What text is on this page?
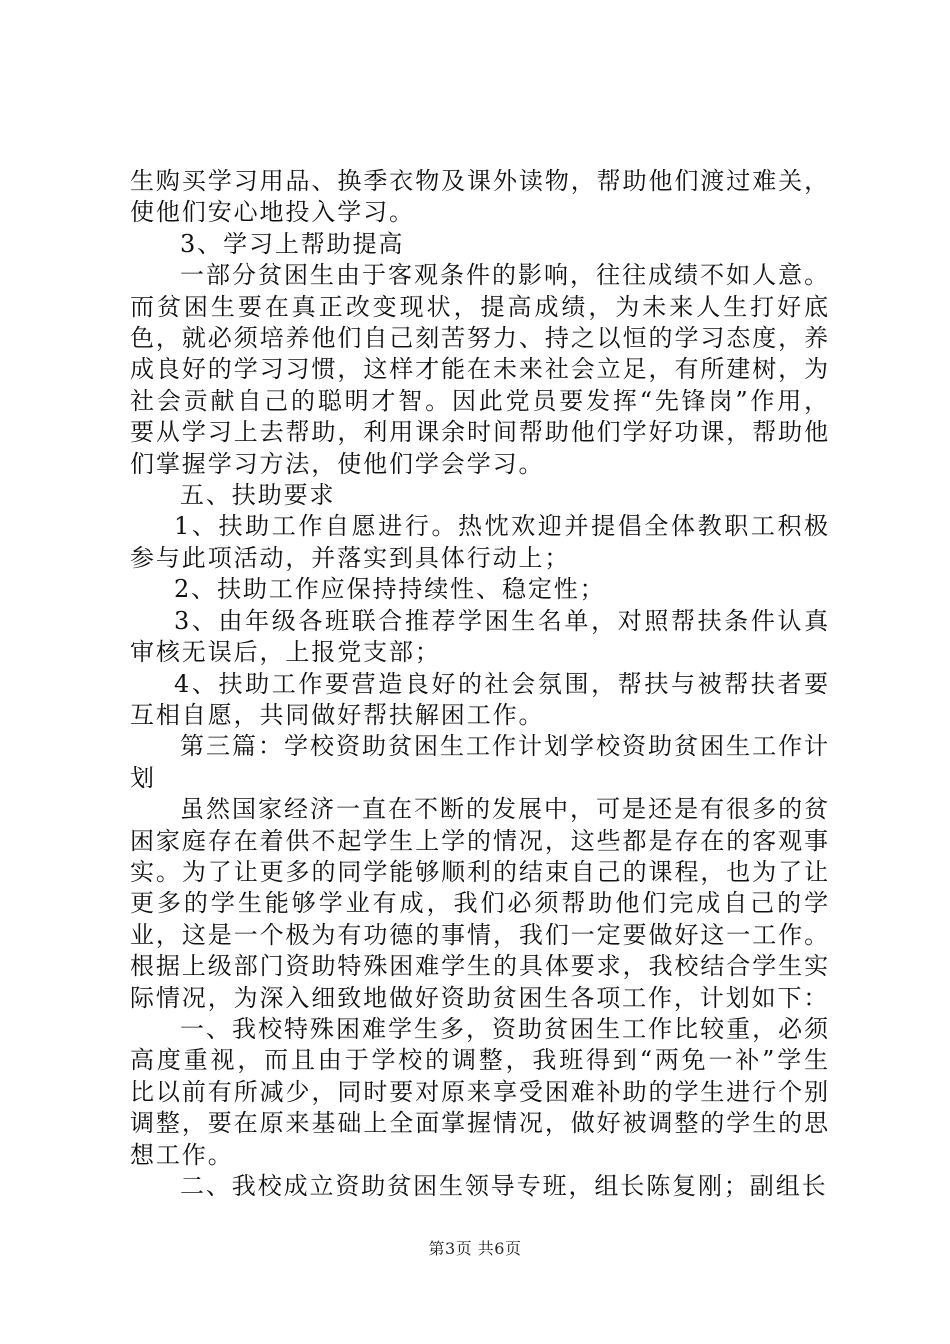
生购买学习用品、换季衣物及课外读物，帮助他们渡过难关，使他们安心地投入学习。

3、学习上帮助提高

一部分贫困生由于客观条件的影响，往往成绩不如人意。而贫困生要在真正改变现状，提高成绩，为未来人生打好底色，就必须培养他们自己刻苦努力、持之以恒的学习态度，养成良好的学习习惯，这样才能在未来社会立足，有所建树，为社会贡献自己的聪明才智。因此党员要发挥“先锋岗”作用，要从学习上去帮助，利用课余时间帮助他们学好功课，帮助他们掌握学习方法，使他们学会学习。

五、扶助要求

1、扶助工作自愿进行。热忱欢迎并提倡全体教职工积极参与此项活动，并落实到具体行动上；

2、扶助工作应保持持续性、稳定性；

3、由年级各班联合推荐学困生名单，对照帮扶条件认真审核无误后，上报党支部；

4、扶助工作要营造良好的社会氛围，帮扶与被帮扶者要互相自愿，共同做好帮扶解困工作。

第三篇：学校资助贫困生工作计划学校资助贫困生工作计划

虽然国家经济一直在不断的发展中，可是还是有很多的贫困家庭存在着供不起学生上学的情况，这些都是存在的客观事实。为了让更多的同学能够顺利的结束自己的课程，也为了让更多的学生能够学业有成，我们必须帮助他们完成自己的学业，这是一个极为有功德的事情，我们一定要做好这一工作。根据上级部门资助特殊困难学生的具体要求，我校结合学生实际情况，为深入细致地做好资助贫困生各项工作，计划如下：

一、我校特殊困难学生多，资助贫困生工作比较重，必须高度重视，而且由于学校的调整，我班得到“两免一补”学生比以前有所减少，同时要对原来享受困难补助的学生进行个别调整，要在原来基础上全面掌握情况，做好被调整的学生的思想工作。

二、我校成立资助贫困生领导专班，组长陈复刚；副组长

第3页 共6页
